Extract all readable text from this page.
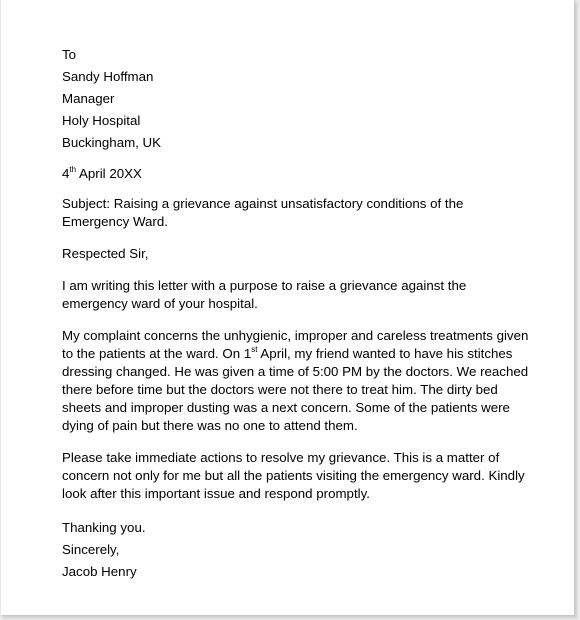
To
Sandy Hoffman
Manager
Holy Hospital
Buckingham, UK
4th April 20XX

Subject: Raising a grievance against unsatisfactory conditions of the Emergency Ward.

Respected Sir,

I am writing this letter with a purpose to raise a grievance against the emergency ward of your hospital.

My complaint concerns the unhygienic, improper and careless treatments given to the patients at the ward. On 1st April, my friend wanted to have his stitches dressing changed. He was given a time of 5:00 PM by the doctors. We reached there before time but the doctors were not there to treat him. The dirty bed sheets and improper dusting was a next concern. Some of the patients were dying of pain but there was no one to attend them.

Please take immediate actions to resolve my grievance. This is a matter of concern not only for me but all the patients visiting the emergency ward. Kindly look after this important issue and respond promptly.

Thanking you.
Sincerely,
Jacob Henry
